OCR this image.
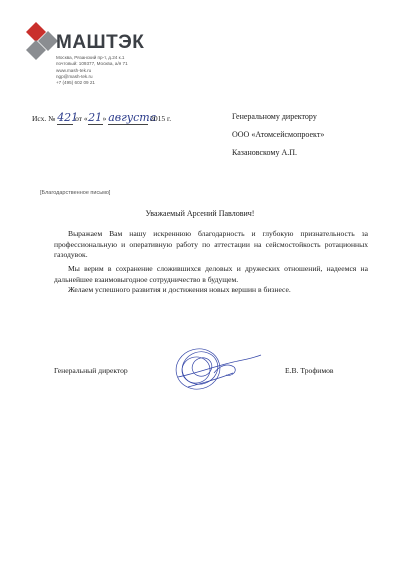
МАШТЭК
Москва, Рязанский пр-т, д.24 к.1
почтовый: 109377, Москва, а/я 71
www.mash-tek.ru
ngp@mash-tek.ru
+7 (495) 602 09 21
Исх. № 421 от «21» августа 2015 г.	Генеральному директору
ООО «Атомсейсмопроект»
Казановскому А.П.
[Благодарственное письмо]
Уважаемый Арсений Павлович!

Выражаем Вам нашу искреннюю благодарность и глубокую признательность за профессиональную и оперативную работу по аттестации на сейсмостойкость ротационных газодувок.

Мы верим в сохранение сложившихся деловых и дружеских отношений, надеемся на дальнейшее взаимовыгодное сотрудничество в будущем.

Желаем успешного развития и достижения новых вершин в бизнесе.

Генеральный директор	Е.В. Трофимов
